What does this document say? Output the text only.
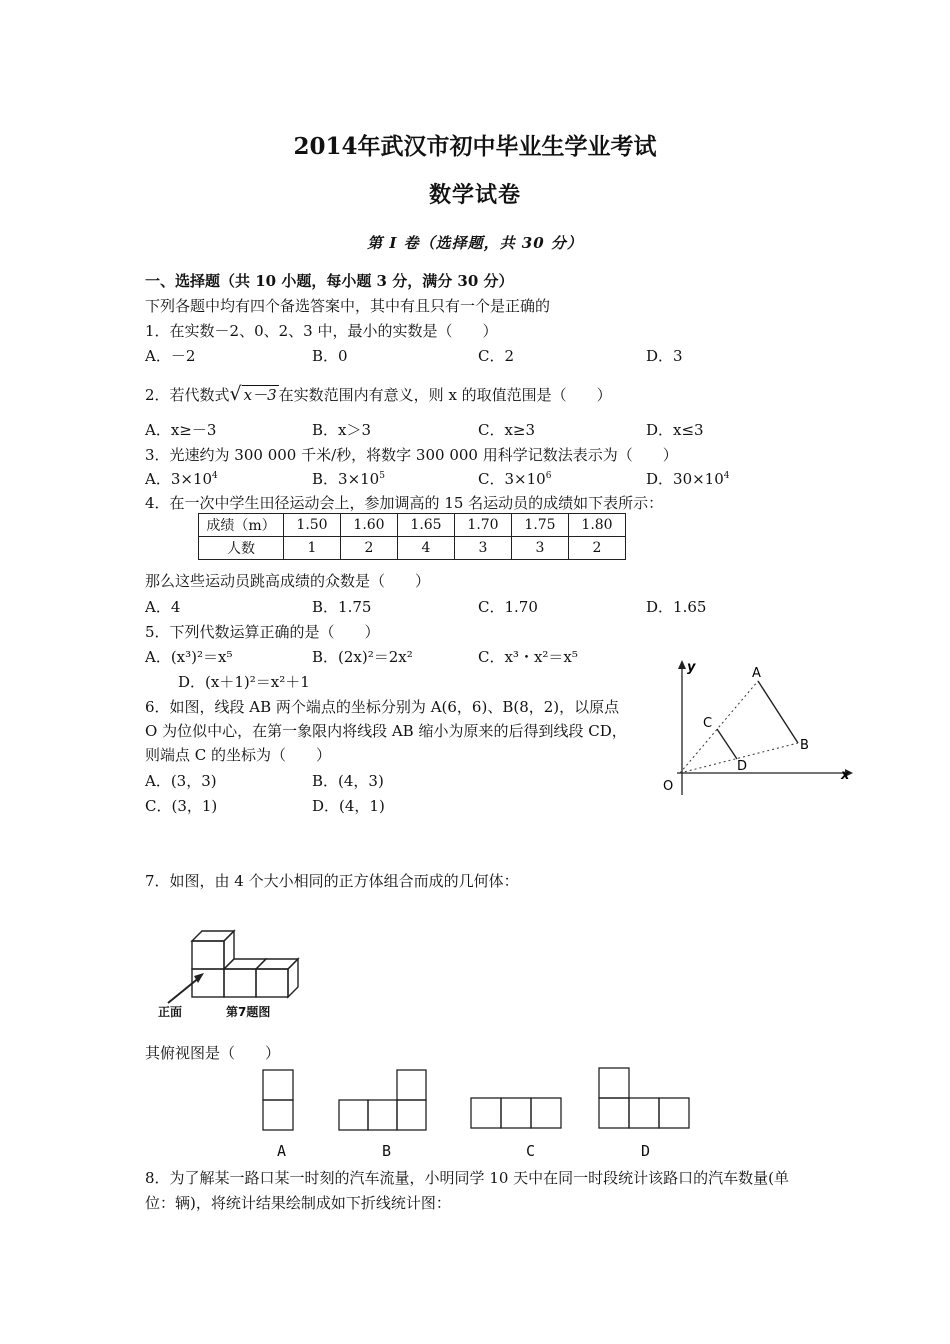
2014年武汉市初中毕业生学业考试
数学试卷
第 I 卷（选择题，共 30 分）
一、选择题（共 10 小题，每小题 3 分，满分 30 分）
下列各题中均有四个备选答案中，其中有且只有一个是正确的
1．在实数－2、0、2、3 中，最小的实数是（　　）
A．－2	B．0	C．2	D．3
2．若代数式√ x－3 在实数范围内有意义，则 x 的取值范围是（　　）
A．x≥－3	B．x＞3	C．x≥3	D．x≤3
3．光速约为 300 000 千米/秒，将数字 300 000 用科学记数法表示为（　　）
A．$3\times 10^4$	B．$3\times 10^5$	C．$3\times 10^6$	D．$30\times 10^4$
4．在一次中学生田径运动会上，参加调高的 15 名运动员的成绩如下表所示：
成绩（m）	1.50	1.60	1.65	1.70	1.75	1.80
人数	1	2	4	3	3	2
那么这些运动员跳高成绩的众数是（　　）
A．4	B．1.75	C．1.70	D．1.65
5．下列代数运算正确的是（　　）
A．(x³)²＝x⁵	B．(2x)²＝2x²	C．x³・x²＝x⁵
D．(x＋1)²＝x²＋1
6．如图，线段 AB 两个端点的坐标分别为 A(6，6)、B(8，2)，以原点
O 为位似中心，在第一象限内将线段 AB 缩小为原来的后得到线段 CD，
则端点 C 的坐标为（　　）
A．(3，3)	B．(4，3)
C．(3，1)	D．(4，1)
A
B
C
D
O
x
y
7．如图，由 4 个大小相同的正方体组合而成的几何体：
正面	第7题图
其俯视图是（　　）
A	B	C	D
8．为了解某一路口某一时刻的汽车流量，小明同学 10 天中在同一时段统计该路口的汽车数量(单
位：辆)，将统计结果绘制成如下折线统计图：
